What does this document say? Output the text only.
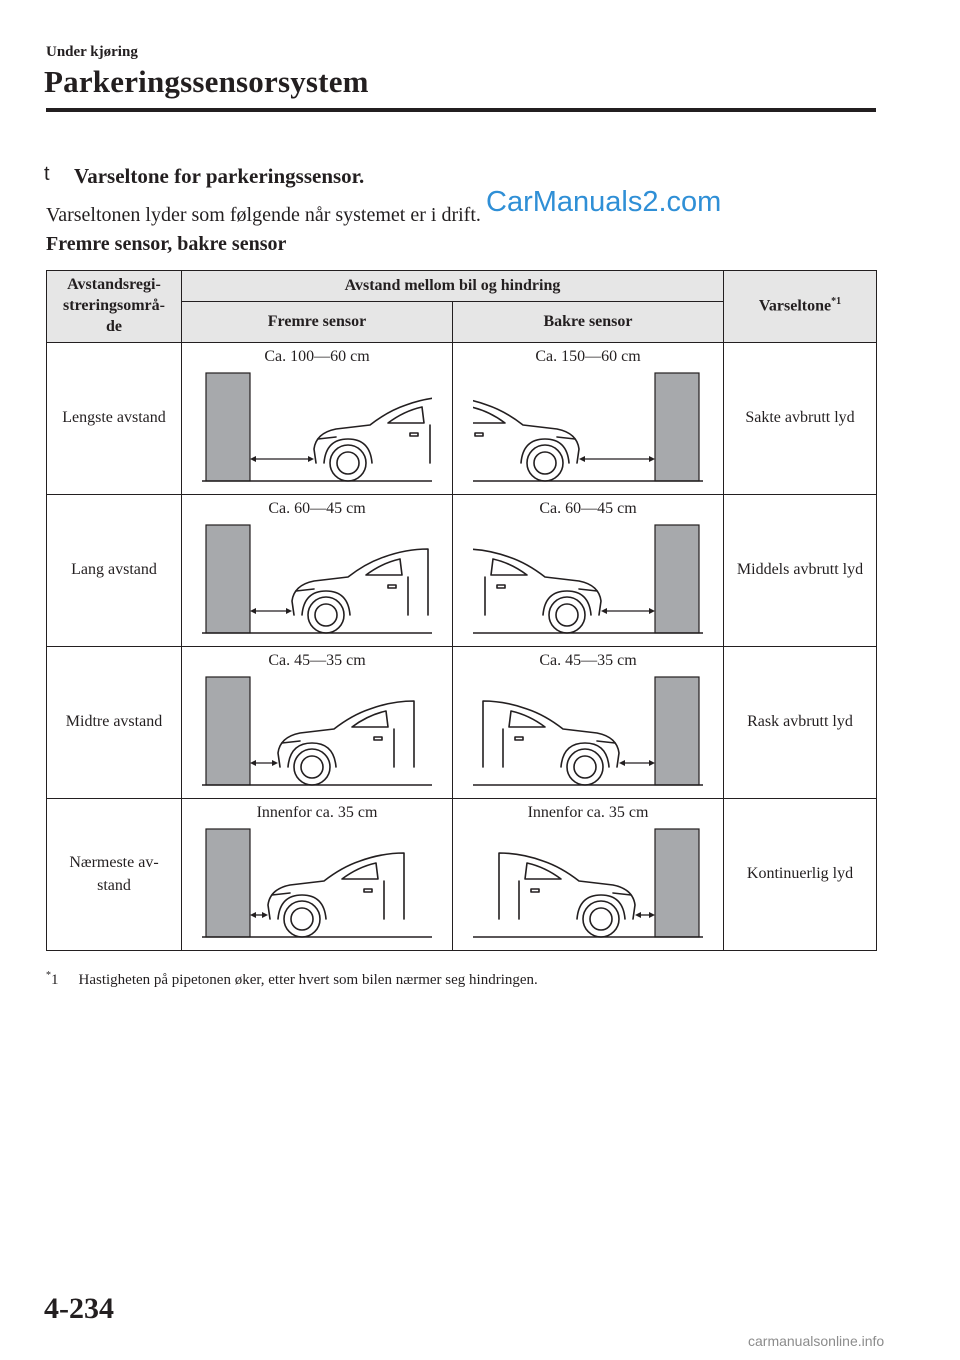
Under kjøring
Parkeringssensorsystem
t Varseltone for parkeringssensor.
Varseltonen lyder som følgende når systemet er i drift. CarManuals2.com
Fremre sensor, bakre sensor
Avstandsregi-
streringsområ-
de	Avstand mellom bil og hindring		Varseltone$^{*1}$
	Fremre sensor	Bakre sensor	
Lengste avstand	Ca. 100—60 cm	Ca. 150—60 cm	Sakte avbrutt lyd
Lang avstand	Ca. 60—45 cm	Ca. 60—45 cm	Middels avbrutt lyd
Midtre avstand	Ca. 45—35 cm	Ca. 45—35 cm	Rask avbrutt lyd
Nærmeste av-
stand	Innenfor ca. 35 cm	Innenfor ca. 35 cm	Kontinuerlig lyd
*1 Hastigheten på pipetonen øker, etter hvert som bilen nærmer seg hindringen.
4-234
carmanualsonline.info
